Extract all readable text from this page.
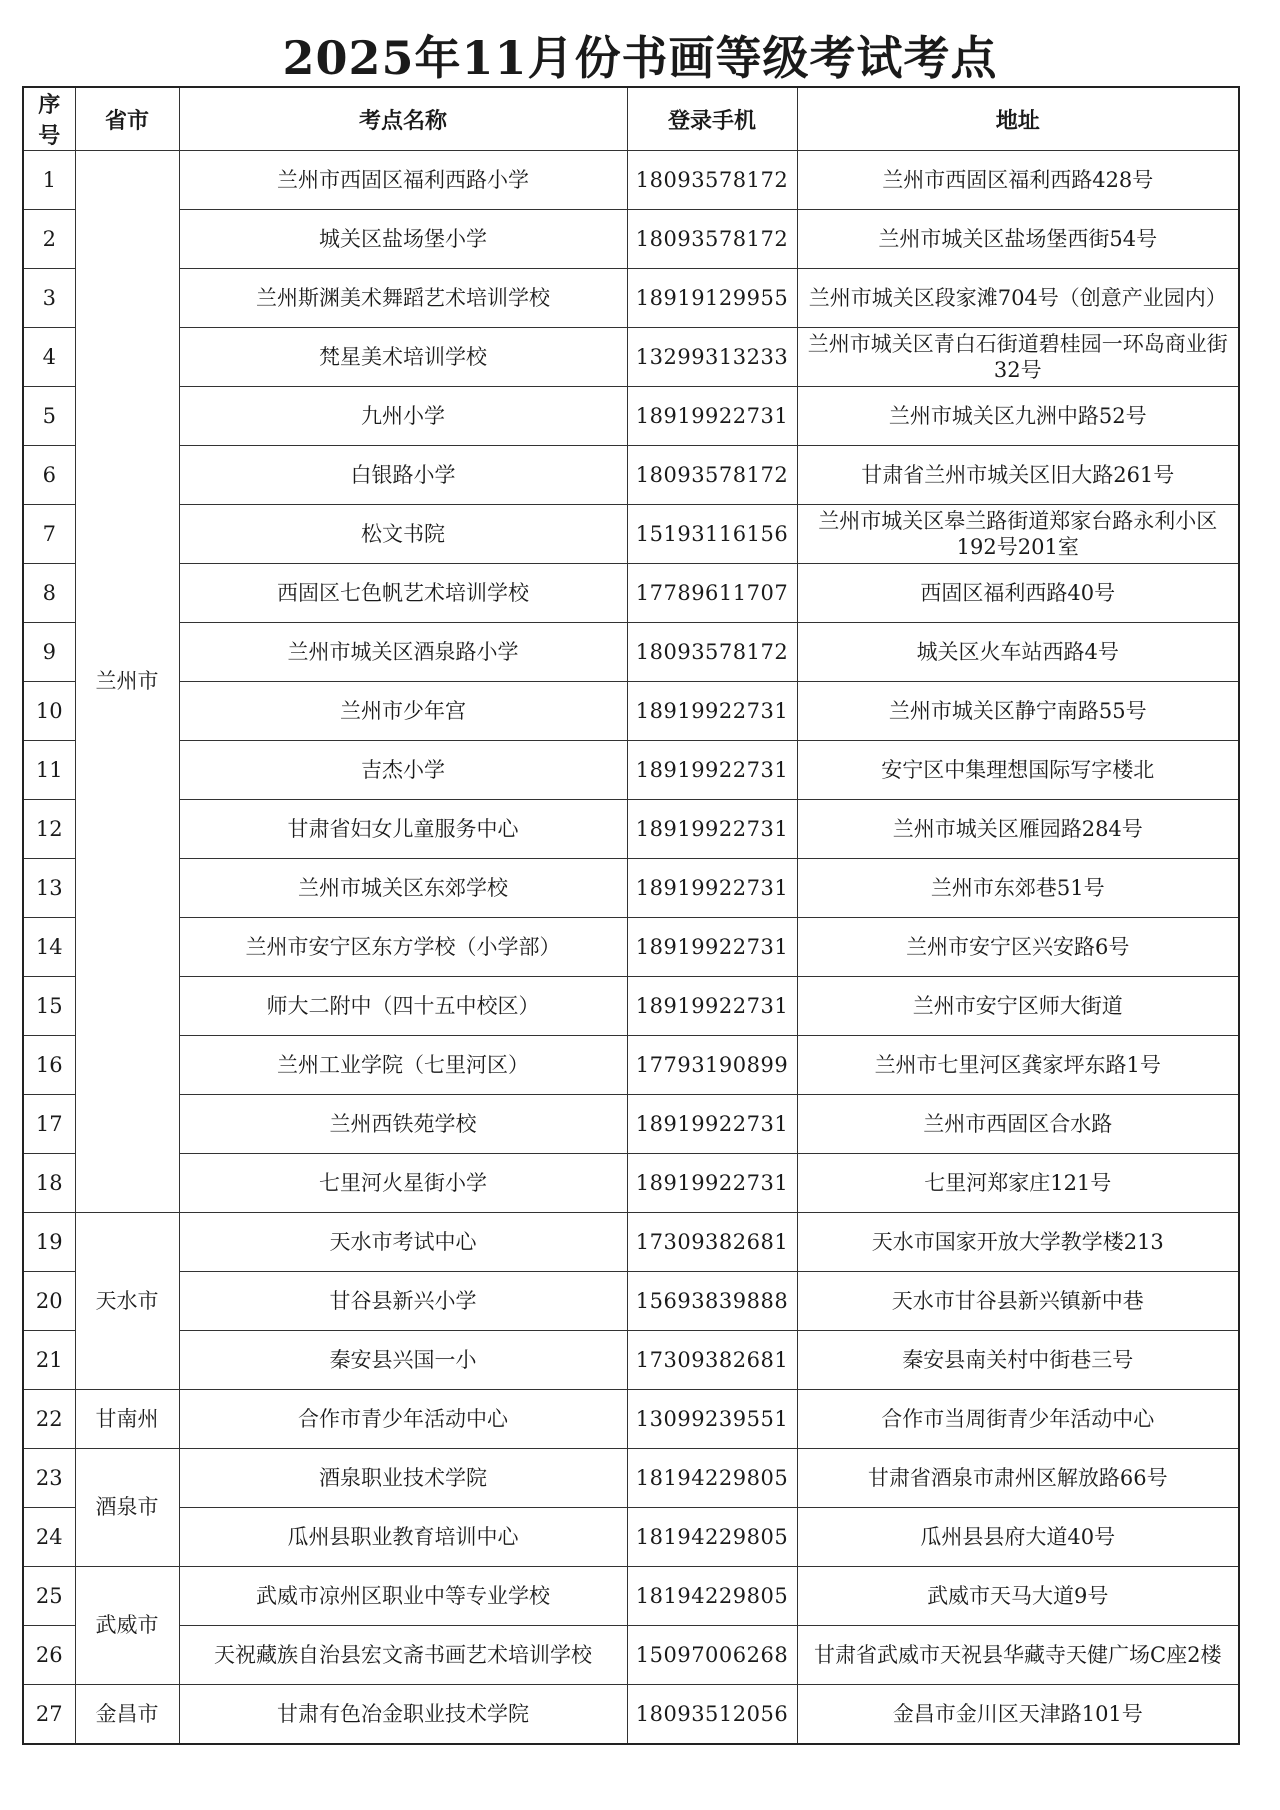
2025年11月份书画等级考试考点
序号	省市	考点名称	登录手机	地址
1	兰州市	兰州市西固区福利西路小学	18093578172	兰州市西固区福利西路428号
2		城关区盐场堡小学	18093578172	兰州市城关区盐场堡西街54号
3		兰州斯渊美术舞蹈艺术培训学校	18919129955	兰州市城关区段家滩704号（创意产业园内）
4		梵星美术培训学校	13299313233	兰州市城关区青白石街道碧桂园一环岛商业街32号
5		九州小学	18919922731	兰州市城关区九洲中路52号
6		白银路小学	18093578172	甘肃省兰州市城关区旧大路261号
7		松文书院	15193116156	兰州市城关区皋兰路街道郑家台路永利小区192号201室
8		西固区七色帆艺术培训学校	17789611707	西固区福利西路40号
9		兰州市城关区酒泉路小学	18093578172	城关区火车站西路4号
10		兰州市少年宫	18919922731	兰州市城关区静宁南路55号
11		吉杰小学	18919922731	安宁区中集理想国际写字楼北
12		甘肃省妇女儿童服务中心	18919922731	兰州市城关区雁园路284号
13		兰州市城关区东郊学校	18919922731	兰州市东郊巷51号
14		兰州市安宁区东方学校（小学部）	18919922731	兰州市安宁区兴安路6号
15		师大二附中（四十五中校区）	18919922731	兰州市安宁区师大街道
16		兰州工业学院（七里河区）	17793190899	兰州市七里河区龚家坪东路1号
17		兰州西铁苑学校	18919922731	兰州市西固区合水路
18		七里河火星街小学	18919922731	七里河郑家庄121号
19	天水市	天水市考试中心	17309382681	天水市国家开放大学教学楼213
20		甘谷县新兴小学	15693839888	天水市甘谷县新兴镇新中巷
21		秦安县兴国一小	17309382681	秦安县南关村中街巷三号
22	甘南州	合作市青少年活动中心	13099239551	合作市当周街青少年活动中心
23	酒泉市	酒泉职业技术学院	18194229805	甘肃省酒泉市肃州区解放路66号
24		瓜州县职业教育培训中心	18194229805	瓜州县县府大道40号
25	武威市	武威市凉州区职业中等专业学校	18194229805	武威市天马大道9号
26		天祝藏族自治县宏文斋书画艺术培训学校	15097006268	甘肃省武威市天祝县华藏寺天健广场C座2楼
27	金昌市	甘肃有色冶金职业技术学院	18093512056	金昌市金川区天津路101号
